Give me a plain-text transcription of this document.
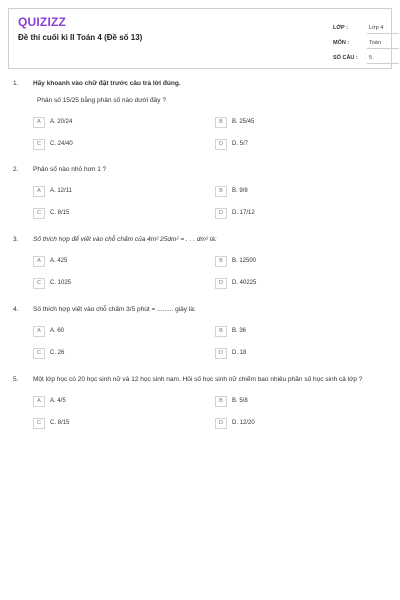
QUIZIZZ
Đề thi cuối kì II Toán 4 (Đề số 13)
LỚP :	Lớp 4
MÔN :	Toán
SỐ CÂU : 5
1. Hãy khoanh vào chữ đặt trước câu trả lời đúng.
Phân số 15/25 bằng phân số nào dưới đây ?
A	A. 20/24	B	B. 25/45
C	C. 24/40	D	D. 5/7
2. Phân số nào nhỏ hơn 1 ?
A	A. 12/11	B	B. 9/8
C	C. 8/15	D	D. 17/12
3. Số thích hợp để viết vào chỗ chấm của 4m² 25dm² = . . . dm² là:
A	A. 425	B	B. 12500
C	C. 1025	D	D. 40225
4. Số thích hợp viết vào chỗ chấm 3/5 phút = ......... giây là:
A	A. 60	B	B. 36
C	C. 26	D	D. 18
5. Một lớp học có 20 học sinh nữ và 12 học sinh nam. Hỏi số học sinh nữ chiếm bao nhiêu phần số học sinh cả lớp ?
A	A. 4/5	B	B. 5/8
C	C. 8/15	D	D. 12/20
